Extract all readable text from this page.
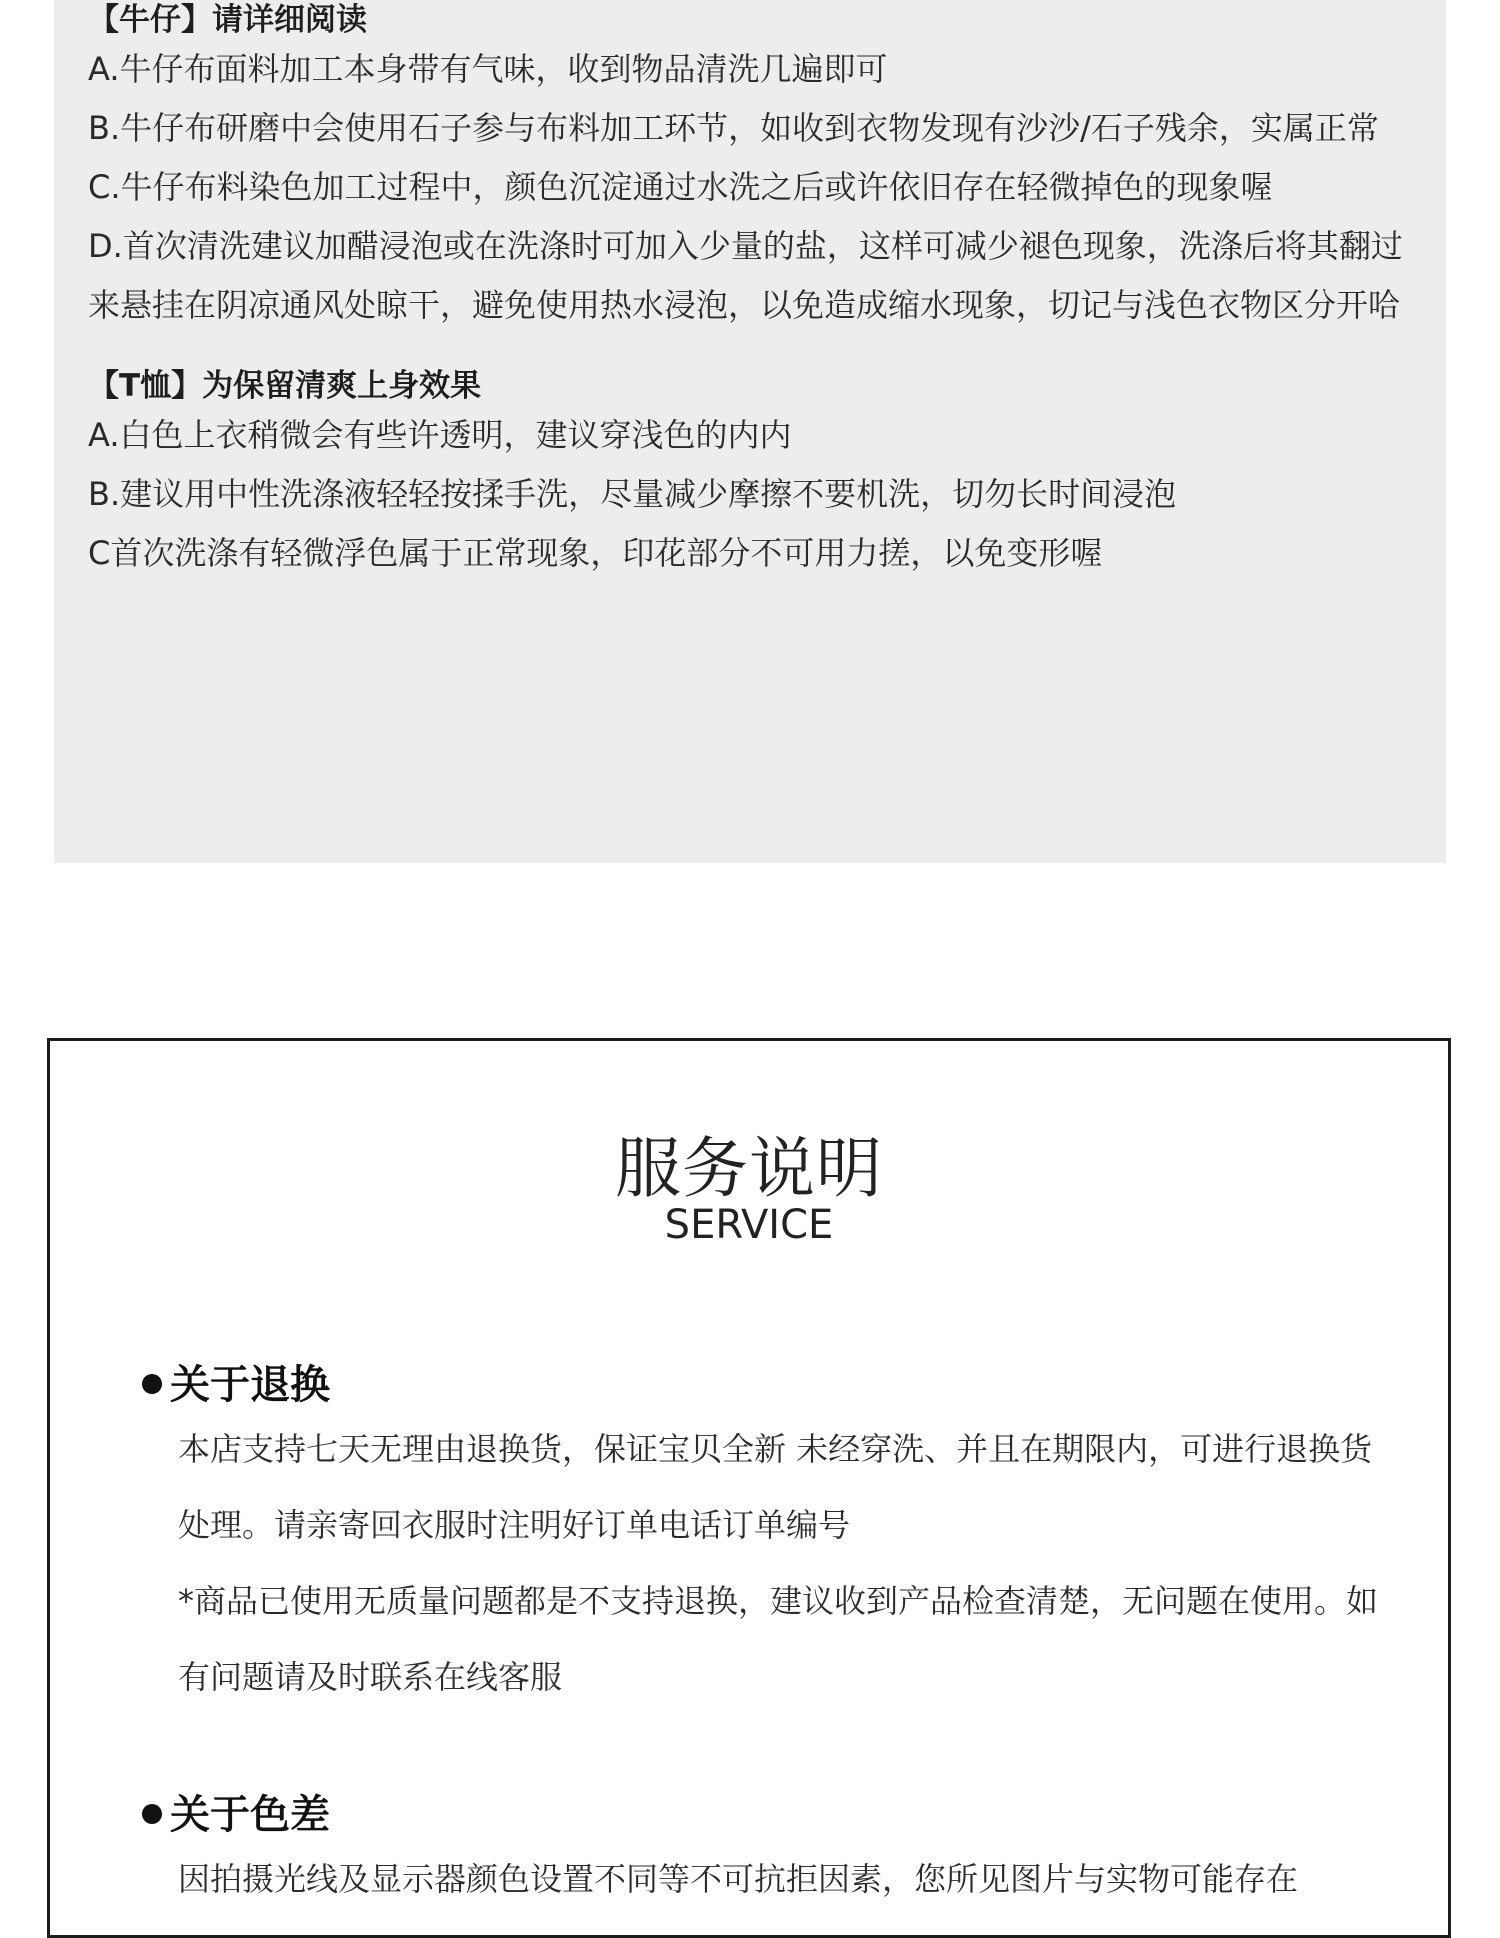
【牛仔】请详细阅读
A.牛仔布面料加工本身带有气味，收到物品清洗几遍即可
B.牛仔布研磨中会使用石子参与布料加工环节，如收到衣物发现有沙沙/石子残余，实属正常
C.牛仔布料染色加工过程中，颜色沉淀通过水洗之后或许依旧存在轻微掉色的现象喔
D.首次清洗建议加醋浸泡或在洗涤时可加入少量的盐，这样可减少褪色现象，洗涤后将其翻过来悬挂在阴凉通风处晾干，避免使用热水浸泡，以免造成缩水现象，切记与浅色衣物区分开哈
【T恤】为保留清爽上身效果
A.白色上衣稍微会有些许透明，建议穿浅色的内内
B.建议用中性洗涤液轻轻按揉手洗，尽量减少摩擦不要机洗，切勿长时间浸泡
C首次洗涤有轻微浮色属于正常现象，印花部分不可用力搓，以免变形喔
服务说明
SERVICE
关于退换
本店支持七天无理由退换货，保证宝贝全新 未经穿洗、并且在期限内，可进行退换货处理。请亲寄回衣服时注明好订单电话订单编号
*商品已使用无质量问题都是不支持退换，建议收到产品检查清楚，无问题在使用。如有问题请及时联系在线客服
关于色差
因拍摄光线及显示器颜色设置不同等不可抗拒因素，您所见图片与实物可能存在
